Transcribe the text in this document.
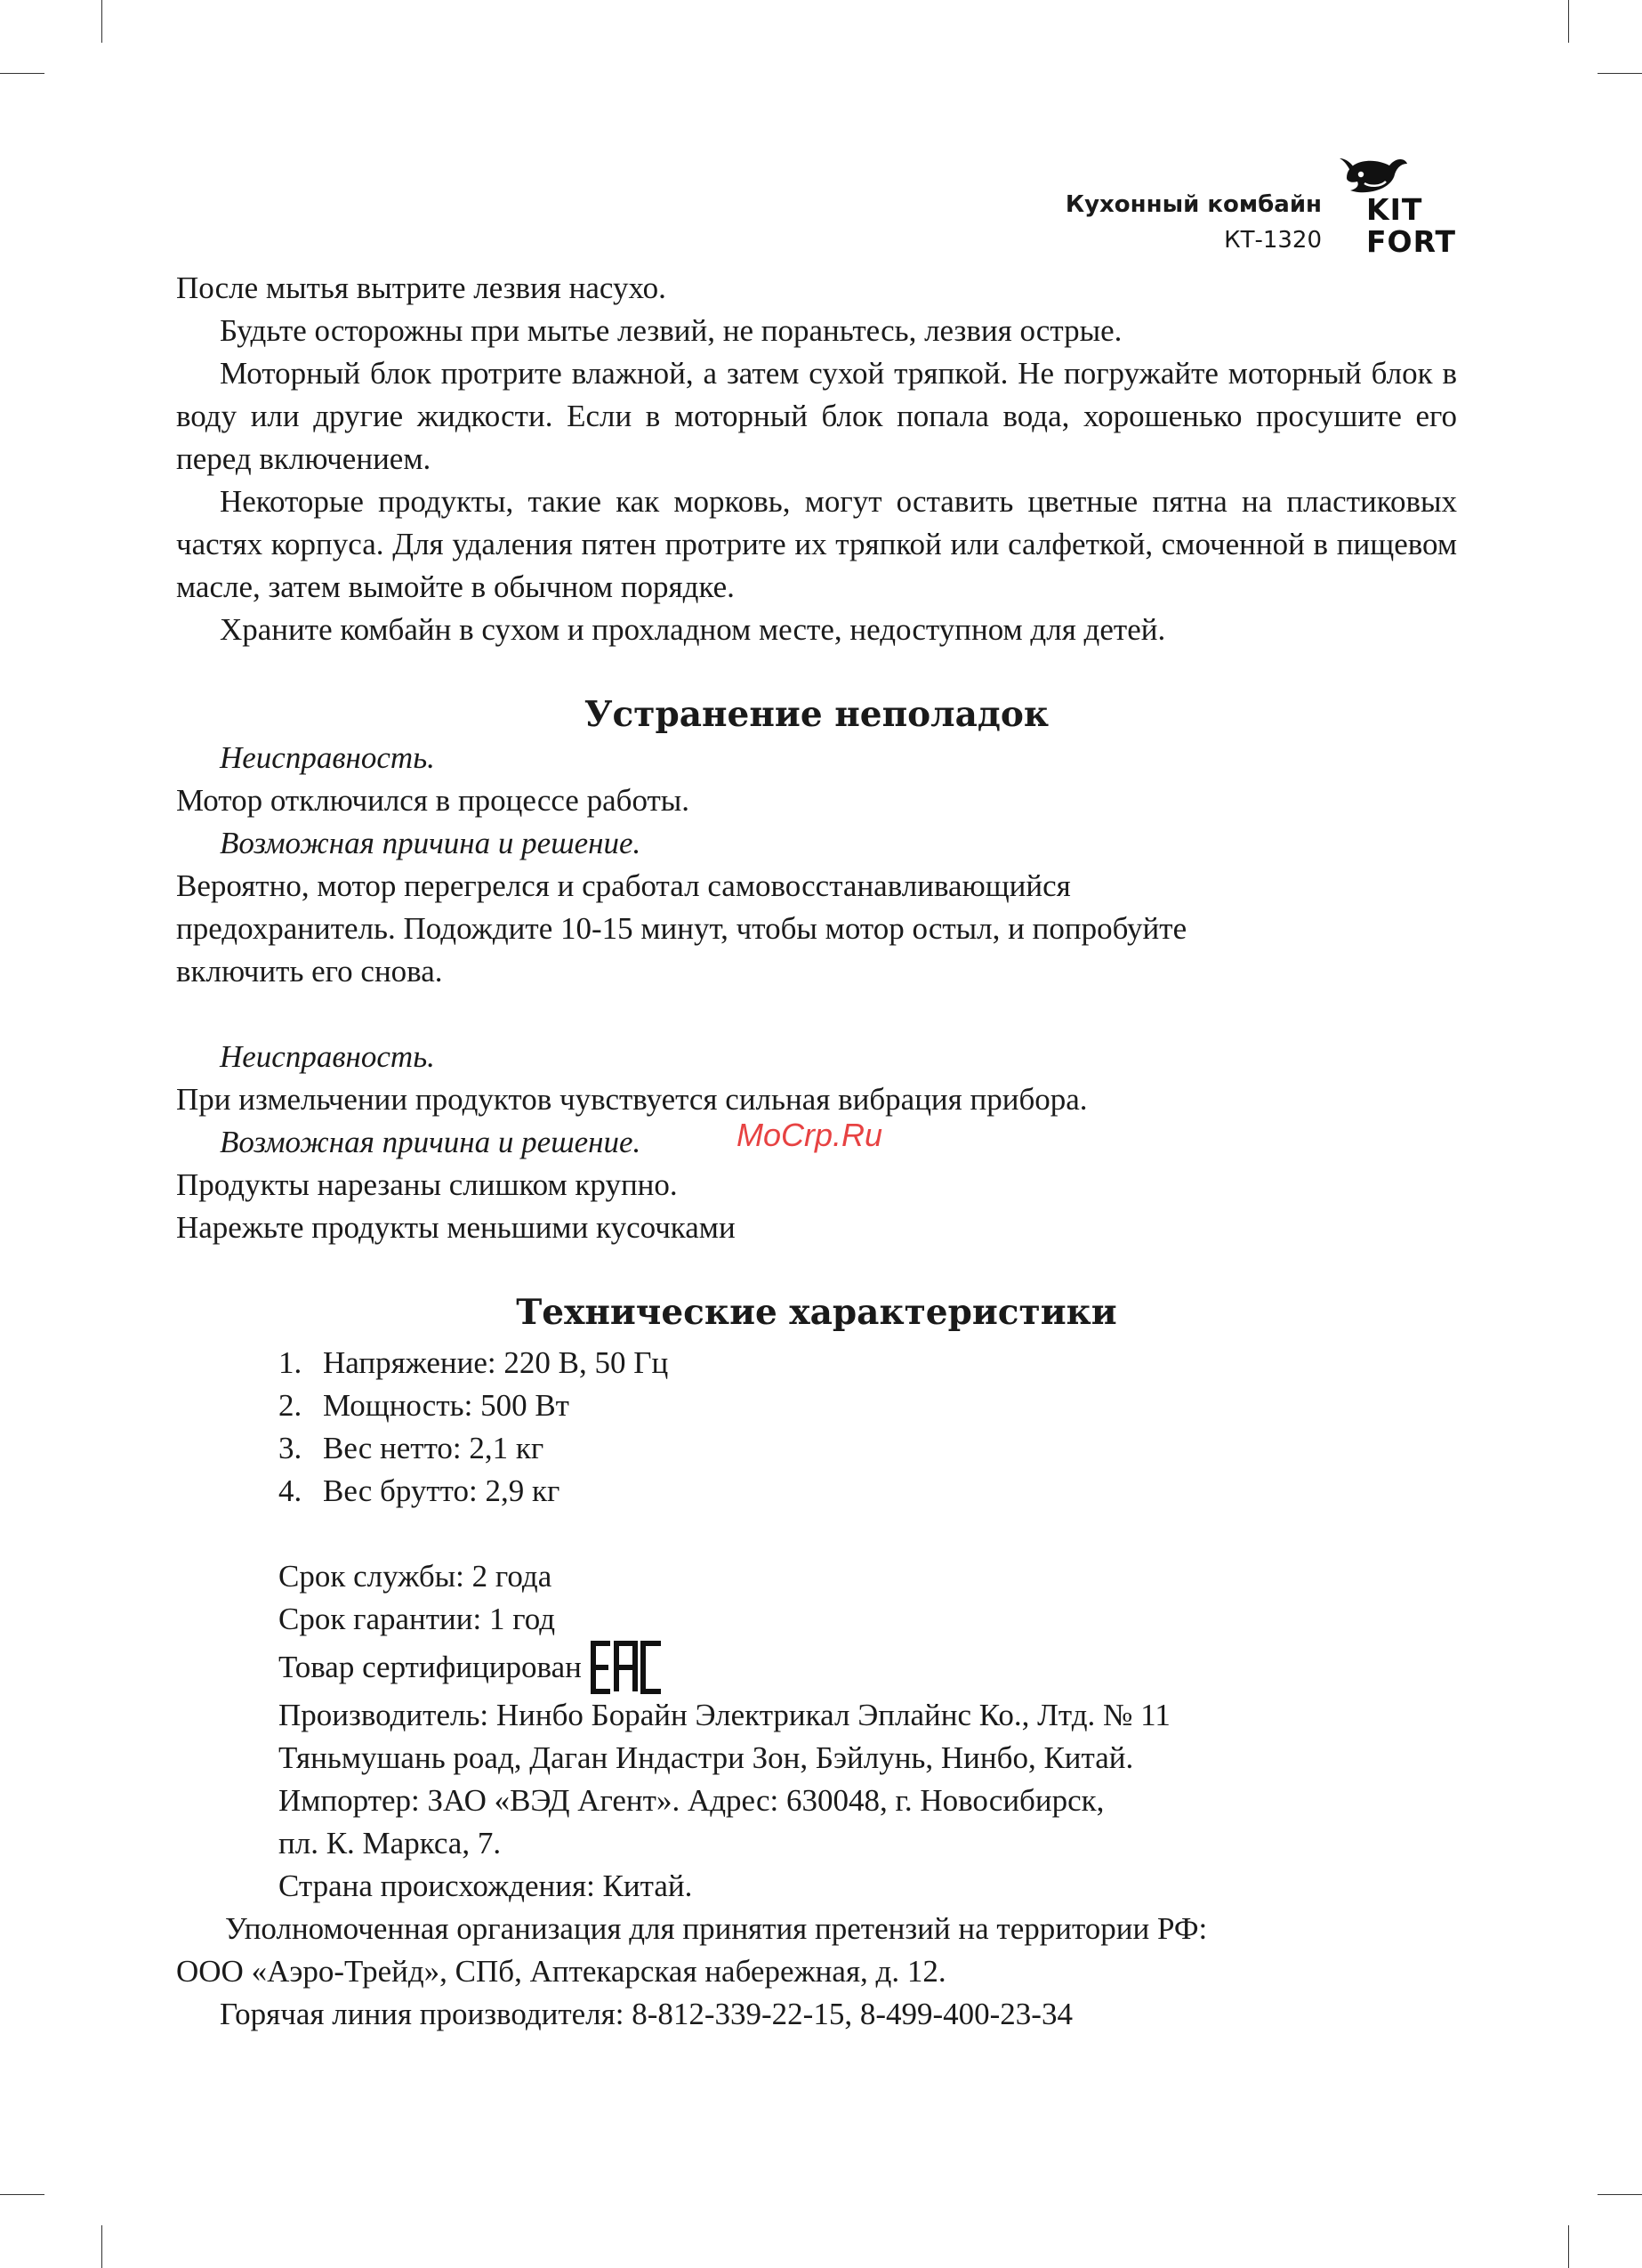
Кухонный комбайн
КТ-1320
KIT
FORT
MoCrp.Ru

После мытья вытрите лезвия насухо.

Будьте осторожны при мытье лезвий, не пораньтесь, лезвия острые.

Моторный блок протрите влажной, а затем сухой тряпкой. Не погружайте моторный блок в воду или другие жидкости. Если в моторный блок попала вода, хорошенько просушите его перед включением.

Некоторые продукты, такие как морковь, могут оставить цветные пятна на пластиковых частях корпуса. Для удаления пятен протрите их тряпкой или салфеткой, смоченной в пищевом масле, затем вымойте в обычном порядке.

Храните комбайн в сухом и прохладном месте, недоступном для детей.

Устранение неполадок

Неисправность.

Мотор отключился в процессе работы.

Возможная причина и решение.

Вероятно, мотор перегрелся и сработал самовосстанавливающийся

предохранитель. Подождите 10-15 минут, чтобы мотор остыл, и попробуйте

включить его снова.

Неисправность.

При измельчении продуктов чувствуется сильная вибрация прибора.

Возможная причина и решение.

Продукты нарезаны слишком крупно.

Нарежьте продукты меньшими кусочками

Технические характеристики
1. Напряжение: 220 В, 50 Гц
2. Мощность: 500 Вт
3. Вес нетто: 2,1 кг
4. Вес брутто: 2,9 кг

Срок службы: 2 года

Срок гарантии: 1 год

Товар сертифицирован

Производитель: Нинбо Борайн Электрикал Эплайнс Ко., Лтд. № 11

Тяньмушань роад, Даган Индастри Зон, Бэйлунь, Нинбо, Китай.

Импортер: ЗАО «ВЭД Агент». Адрес: 630048, г. Новосибирск,

пл. К. Маркса, 7.

Страна происхождения: Китай.

Уполномоченная организация для принятия претензий на территории РФ:

ООО «Аэро-Трейд», СПб, Аптекарская набережная, д. 12.

Горячая линия производителя: 8-812-339-22-15, 8-499-400-23-34
